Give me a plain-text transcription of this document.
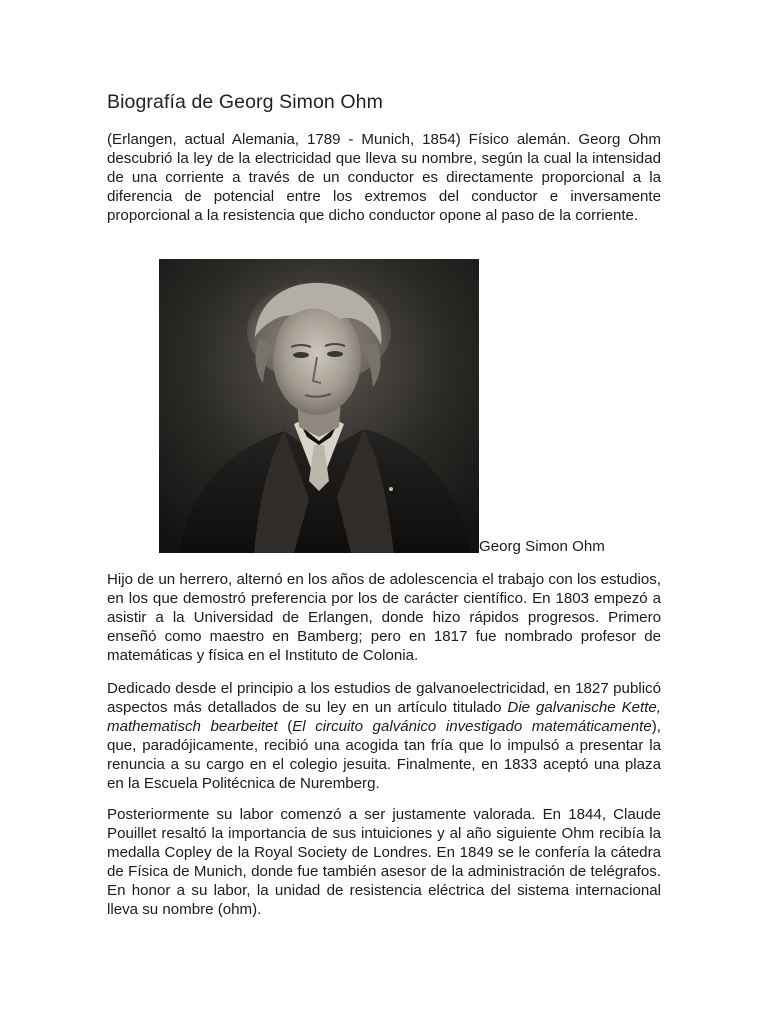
Biografía de Georg Simon Ohm

(Erlangen, actual Alemania, 1789 - Munich, 1854) Físico alemán. Georg Ohm descubrió la ley de la electricidad que lleva su nombre, según la cual la intensidad de una corriente a través de un conductor es directamente proporcional a la diferencia de potencial entre los extremos del conductor e inversamente proporcional a la resistencia que dicho conductor opone al paso de la corriente.

Georg Simon Ohm

Hijo de un herrero, alternó en los años de adolescencia el trabajo con los estudios, en los que demostró preferencia por los de carácter científico. En 1803 empezó a asistir a la Universidad de Erlangen, donde hizo rápidos progresos. Primero enseñó como maestro en Bamberg; pero en 1817 fue nombrado profesor de matemáticas y física en el Instituto de Colonia.

Dedicado desde el principio a los estudios de galvanoelectricidad, en 1827 publicó aspectos más detallados de su ley en un artículo titulado Die galvanische Kette, mathematisch bearbeitet (El circuito galvánico investigado matemáticamente), que, paradójicamente, recibió una acogida tan fría que lo impulsó a presentar la renuncia a su cargo en el colegio jesuita. Finalmente, en 1833 aceptó una plaza en la Escuela Politécnica de Nuremberg.

Posteriormente su labor comenzó a ser justamente valorada. En 1844, Claude Pouillet resaltó la importancia de sus intuiciones y al año siguiente Ohm recibía la medalla Copley de la Royal Society de Londres. En 1849 se le confería la cátedra de Física de Munich, donde fue también asesor de la administración de telégrafos. En honor a su labor, la unidad de resistencia eléctrica del sistema internacional lleva su nombre (ohm).
